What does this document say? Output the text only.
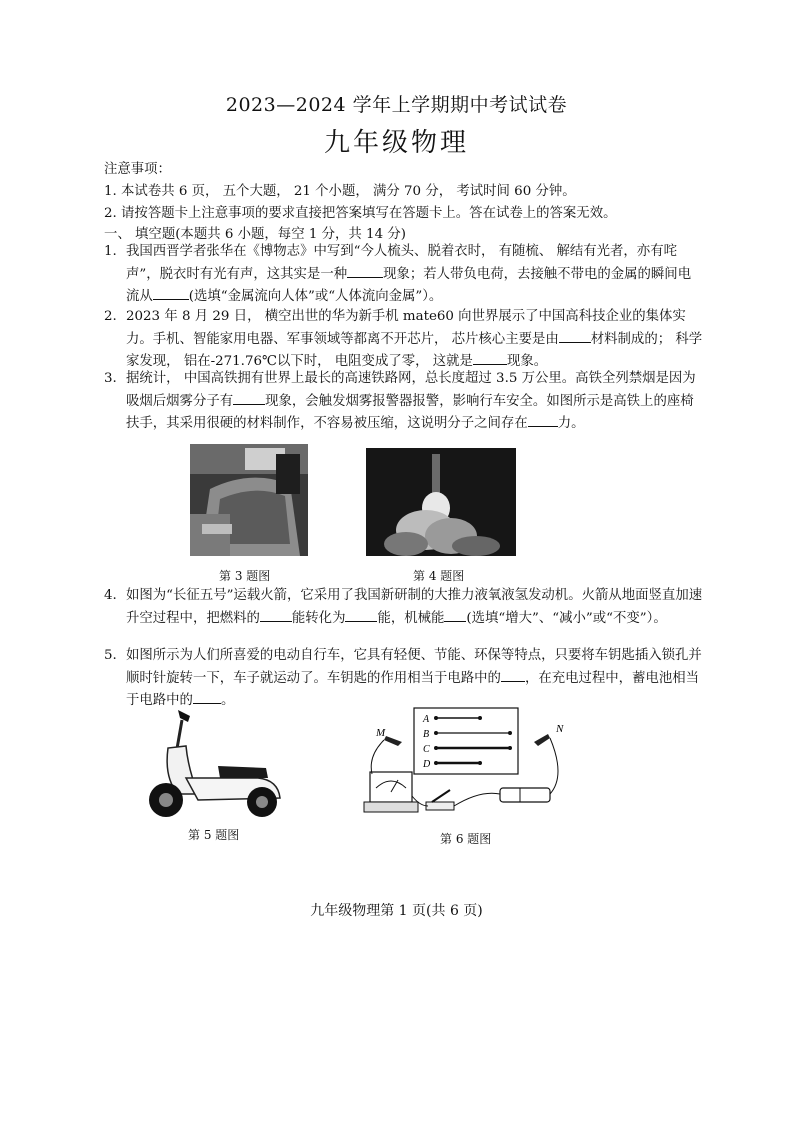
2023—2024 学年上学期期中考试试卷
九年级物理
注意事项：
1. 本试卷共 6 页， 五个大题， 21 个小题， 满分 70 分， 考试时间 60 分钟。
2. 请按答题卡上注意事项的要求直接把答案填写在答题卡上。答在试卷上的答案无效。
一、 填空题(本题共 6 小题，每空 1 分，共 14 分)
1. 我国西晋学者张华在《博物志》中写到“今人梳头、脱着衣时， 有随梳、 解结有光者，亦有咤声”，脱衣时有光有声，这其实是一种	现象；若人带负电荷，去接触不带电的金属的瞬间电流从	(选填“金属流向人体”或“人体流向金属”）。
2. 2023 年 8 月 29 日， 横空出世的华为新手机 mate60 向世界展示了中国高科技企业的集体实力。手机、智能家用电器、军事领域等都离不开芯片， 芯片核心主要是由 材料制成的； 科学家发现， 铝在-271.76℃以下时， 电阻变成了零， 这就是	现象。
3. 据统计， 中国高铁拥有世界上最长的高速铁路网，总长度超过 3.5 万公里。高铁全列禁烟是因为吸烟后烟雾分子有 现象，会触发烟雾报警器报警，影响行车安全。如图所示是高铁上的座椅扶手，其采用很硬的材料制作，不容易被压缩，这说明分子之间存在 力。
第 3 题图	第 4 题图
4. 如图为“长征五号”运载火箭，它采用了我国新研制的大推力液氧液氢发动机。火箭从地面竖直加速升空过程中，把燃料的 能转化为 能，机械能 (选填“增大”、“减小”或“不变”）。
5. 如图所示为人们所喜爱的电动自行车，它具有轻便、节能、环保等特点，只要将车钥匙插入锁孔并顺时针旋转一下，车子就运动了。车钥匙的作用相当于电路中的 ，在充电过程中，蓄电池相当于电路中的 。
第 5 题图
A
B
C
D
M	N
第 6 题图
九年级物理第 1 页(共 6 页)
